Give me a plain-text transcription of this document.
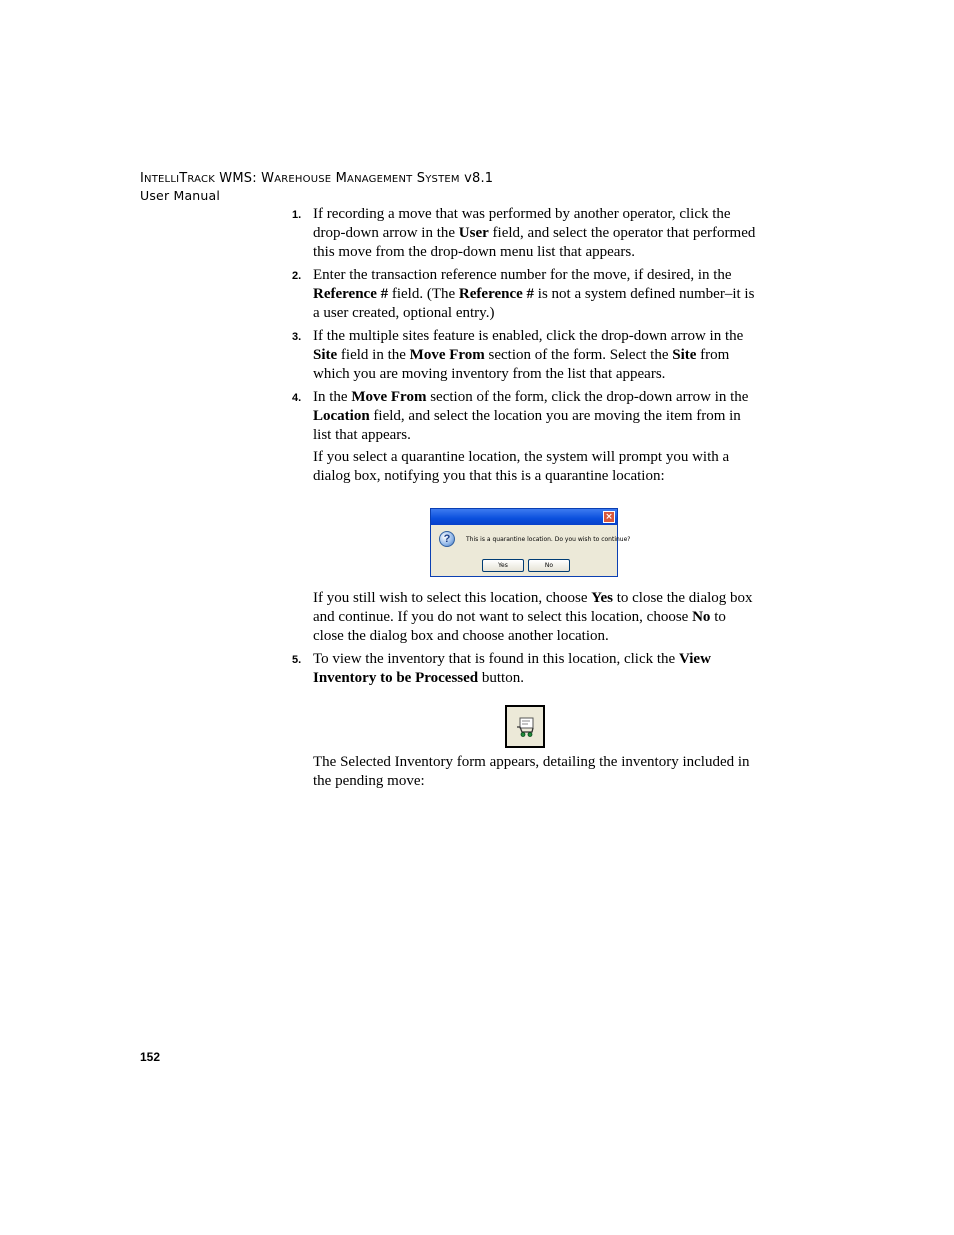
INTELLITRACK WMS: WAREHOUSE MANAGEMENT SYSTEM v8.1
User Manual
1. If recording a move that was performed by another operator, click the drop-down arrow in the User field, and select the operator that performed this move from the drop-down menu list that appears.
2. Enter the transaction reference number for the move, if desired, in the Reference # field. (The Reference # is not a system defined number–it is a user created, optional entry.)
3. If the multiple sites feature is enabled, click the drop-down arrow in the Site field in the Move From section of the form. Select the Site from which you are moving inventory from the list that appears.
4. In the Move From section of the form, click the drop-down arrow in the Location field, and select the location you are moving the item from in list that appears.
If you select a quarantine location, the system will prompt you with a dialog box, notifying you that this is a quarantine location:
×
?	This is a quarantine location. Do you wish to continue?
Yes	No
If you still wish to select this location, choose Yes to close the dialog box and continue. If you do not want to select this location, choose No to close the dialog box and choose another location.
5. To view the inventory that is found in this location, click the View Inventory to be Processed button.
The Selected Inventory form appears, detailing the inventory included in the pending move:
152
